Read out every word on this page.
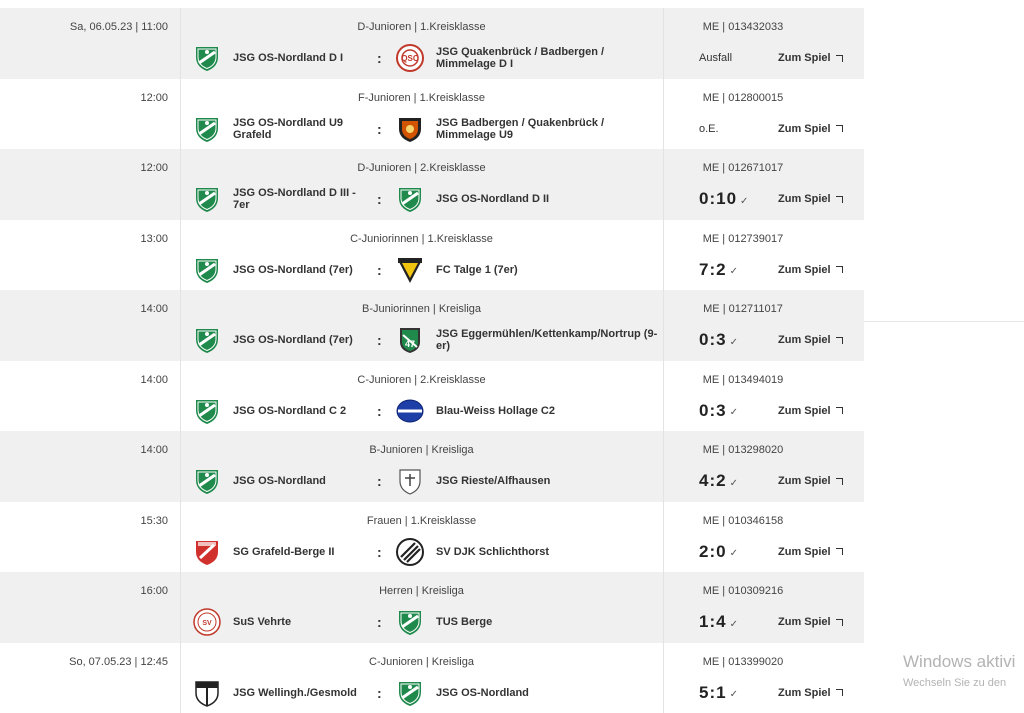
Sa, 06.05.23 | 11:00	D-Junioren | 1.Kreisklasse
JSG OS-Nordland D I : QSC
JSG Quakenbrück / Badbergen / Mimmelage D I
ME | 013432033
Ausfall	Zum Spiel
12:00	F-Junioren | 1.Kreisklasse
JSG OS-Nordland U9 Grafeld	:	JSG Badbergen / Quakenbrück / Mimmelage U9
ME | 012800015
o.E.	Zum Spiel
12:00	D-Junioren | 2.Kreisklasse
JSG OS-Nordland D III - 7er	:	JSG OS-Nordland D II
ME | 012671017
0:10 ✓	Zum Spiel
13:00	C-Juniorinnen | 1.Kreisklasse
JSG OS-Nordland (7er) :	FC Talge 1 (7er)
ME | 012739017
7:2 ✓	Zum Spiel
14:00	B-Juniorinnen | Kreisliga
JSG OS-Nordland (7er) :	47
JSG Eggermühlen/Kettenkamp/Nortrup (9-er)
ME | 012711017
0:3 ✓	Zum Spiel
14:00	C-Junioren | 2.Kreisklasse
JSG OS-Nordland C 2 :	Blau-Weiss Hollage C2
ME | 013494019
0:3 ✓	Zum Spiel
14:00	B-Junioren | Kreisliga
JSG OS-Nordland	:	JSG Rieste/Alfhausen
ME | 013298020
4:2 ✓	Zum Spiel
15:30	Frauen | 1.Kreisklasse
SG Grafeld-Berge II	:	SV DJK Schlichthorst
ME | 010346158
2:0 ✓	Zum Spiel
16:00	Herren | Kreisliga
SV SuS Vehrte	:	TUS Berge
ME | 010309216
1:4 ✓	Zum Spiel
So, 07.05.23 | 12:45	C-Junioren | Kreisliga
JSG Wellingh./Gesmold :	JSG OS-Nordland
ME | 013399020
5:1 ✓	Zum Spiel
Windows aktivi
Wechseln Sie zu den
